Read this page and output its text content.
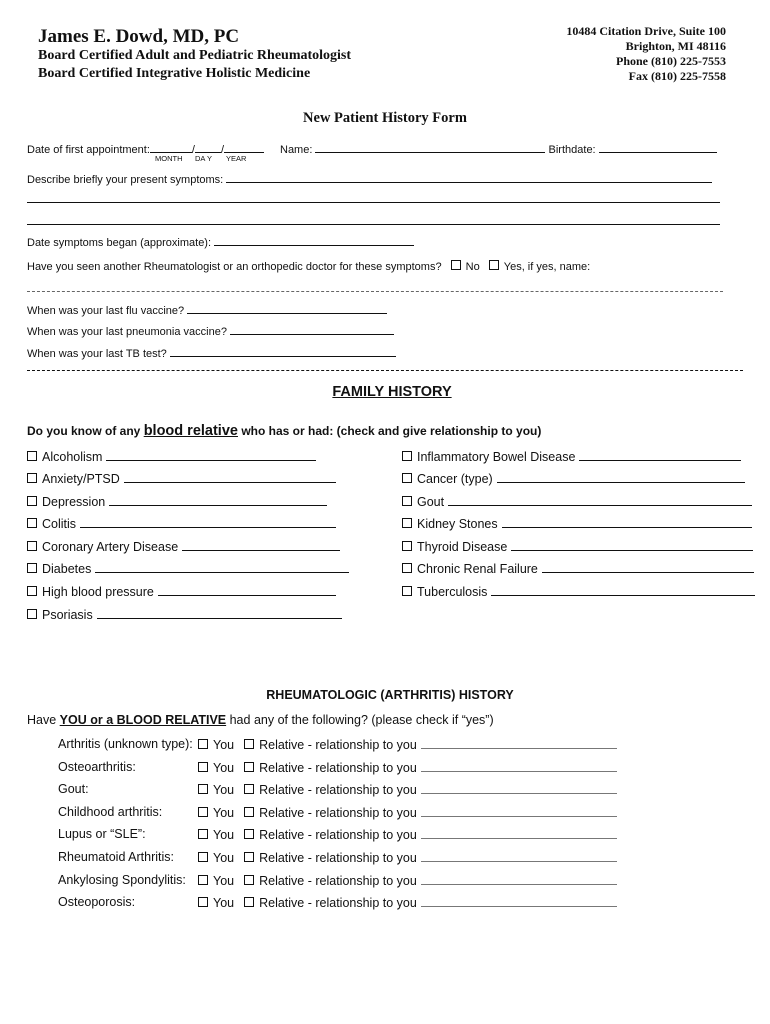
James E. Dowd, MD, PC
Board Certified Adult and Pediatric Rheumatologist
Board Certified Integrative Holistic Medicine
10484 Citation Drive, Suite 100
Brighton, MI 48116
Phone (810) 225-7553
Fax (810) 225-7558
New Patient History Form
Date of first appointment:	/ /
MONTH DA Y YEAR
Name:	Birthdate:
Describe briefly your present symptoms:
Date symptoms began (approximate):
Have you seen another Rheumatologist or an orthopedic doctor for these symptoms? No Yes, if yes, name:
When was your last flu vaccine?
When was your last pneumonia vaccine?
When was your last TB test?
FAMILY HISTORY
Do you know of any blood relative who has or had: (check and give relationship to you)
RHEUMATOLOGIC (ARTHRITIS) HISTORY
Have YOU or a BLOOD RELATIVE had any of the following? (please check if “yes”)
Alcoholism
Anxiety/PTSD
Depression
Colitis
Coronary Artery Disease
Diabetes
High blood pressure
Psoriasis
Inflammatory Bowel Disease
Cancer (type)
Gout
Kidney Stones
Thyroid Disease
Chronic Renal Failure
Tuberculosis
Arthritis (unknown type):	You Relative - relationship to you
Osteoarthritis:	You Relative - relationship to you
Gout:	You Relative - relationship to you
Childhood arthritis:	You Relative - relationship to you
Lupus or “SLE”:	You Relative - relationship to you
Rheumatoid Arthritis:	You Relative - relationship to you
Ankylosing Spondylitis:	You Relative - relationship to you
Osteoporosis:	You Relative - relationship to you
